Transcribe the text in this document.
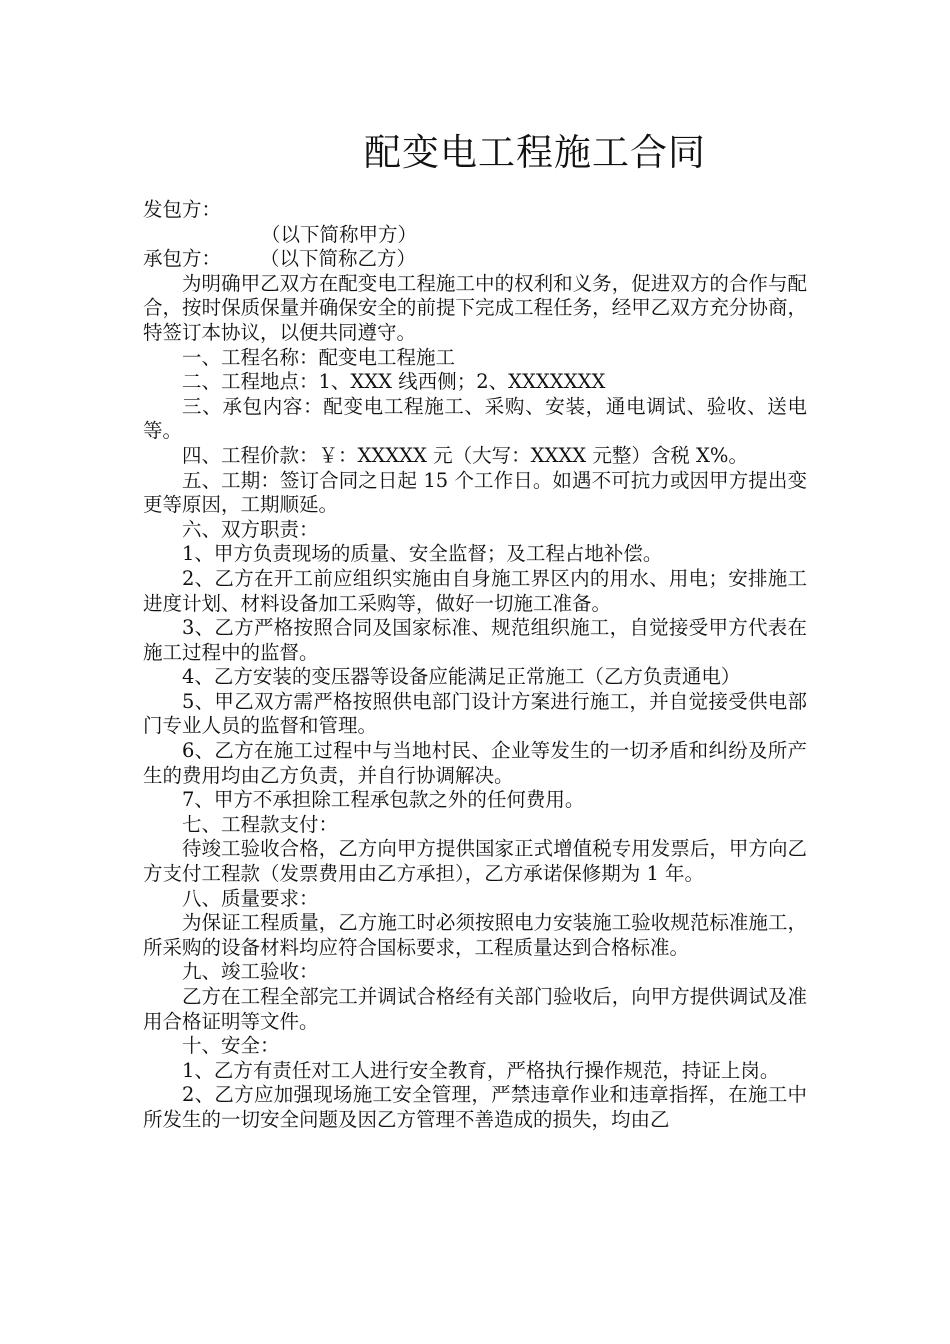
配变电工程施工合同

发包方：

（以下简称甲方）

承包方：　　　（以下简称乙方）

为明确甲乙双方在配变电工程施工中的权利和义务，促进双方的合作与配合，按时保质保量并确保安全的前提下完成工程任务，经甲乙双方充分协商，特签订本协议，以便共同遵守。

一、工程名称：配变电工程施工

二、工程地点：1、XXX 线西侧；2、XXXXXXX

三、承包内容：配变电工程施工、采购、安装，通电调试、验收、送电等。

四、工程价款：￥：XXXXX 元（大写：XXXX 元整）含税 X%。

五、工期：签订合同之日起 15 个工作日。如遇不可抗力或因甲方提出变更等原因，工期顺延。

六、双方职责：

1、甲方负责现场的质量、安全监督；及工程占地补偿。

2、乙方在开工前应组织实施由自身施工界区内的用水、用电；安排施工进度计划、材料设备加工采购等，做好一切施工准备。

3、乙方严格按照合同及国家标准、规范组织施工，自觉接受甲方代表在施工过程中的监督。

4、乙方安装的变压器等设备应能满足正常施工（乙方负责通电）

5、甲乙双方需严格按照供电部门设计方案进行施工，并自觉接受供电部门专业人员的监督和管理。

6、乙方在施工过程中与当地村民、企业等发生的一切矛盾和纠纷及所产生的费用均由乙方负责，并自行协调解决。

7、甲方不承担除工程承包款之外的任何费用。

七、工程款支付：

待竣工验收合格，乙方向甲方提供国家正式增值税专用发票后，甲方向乙方支付工程款（发票费用由乙方承担），乙方承诺保修期为 1 年。

八、质量要求：

为保证工程质量，乙方施工时必须按照电力安装施工验收规范标准施工，所采购的设备材料均应符合国标要求，工程质量达到合格标准。

九、竣工验收：

乙方在工程全部完工并调试合格经有关部门验收后，向甲方提供调试及准用合格证明等文件。

十、安全：

1、乙方有责任对工人进行安全教育，严格执行操作规范，持证上岗。

2、乙方应加强现场施工安全管理，严禁违章作业和违章指挥，在施工中所发生的一切安全问题及因乙方管理不善造成的损失，均由乙
